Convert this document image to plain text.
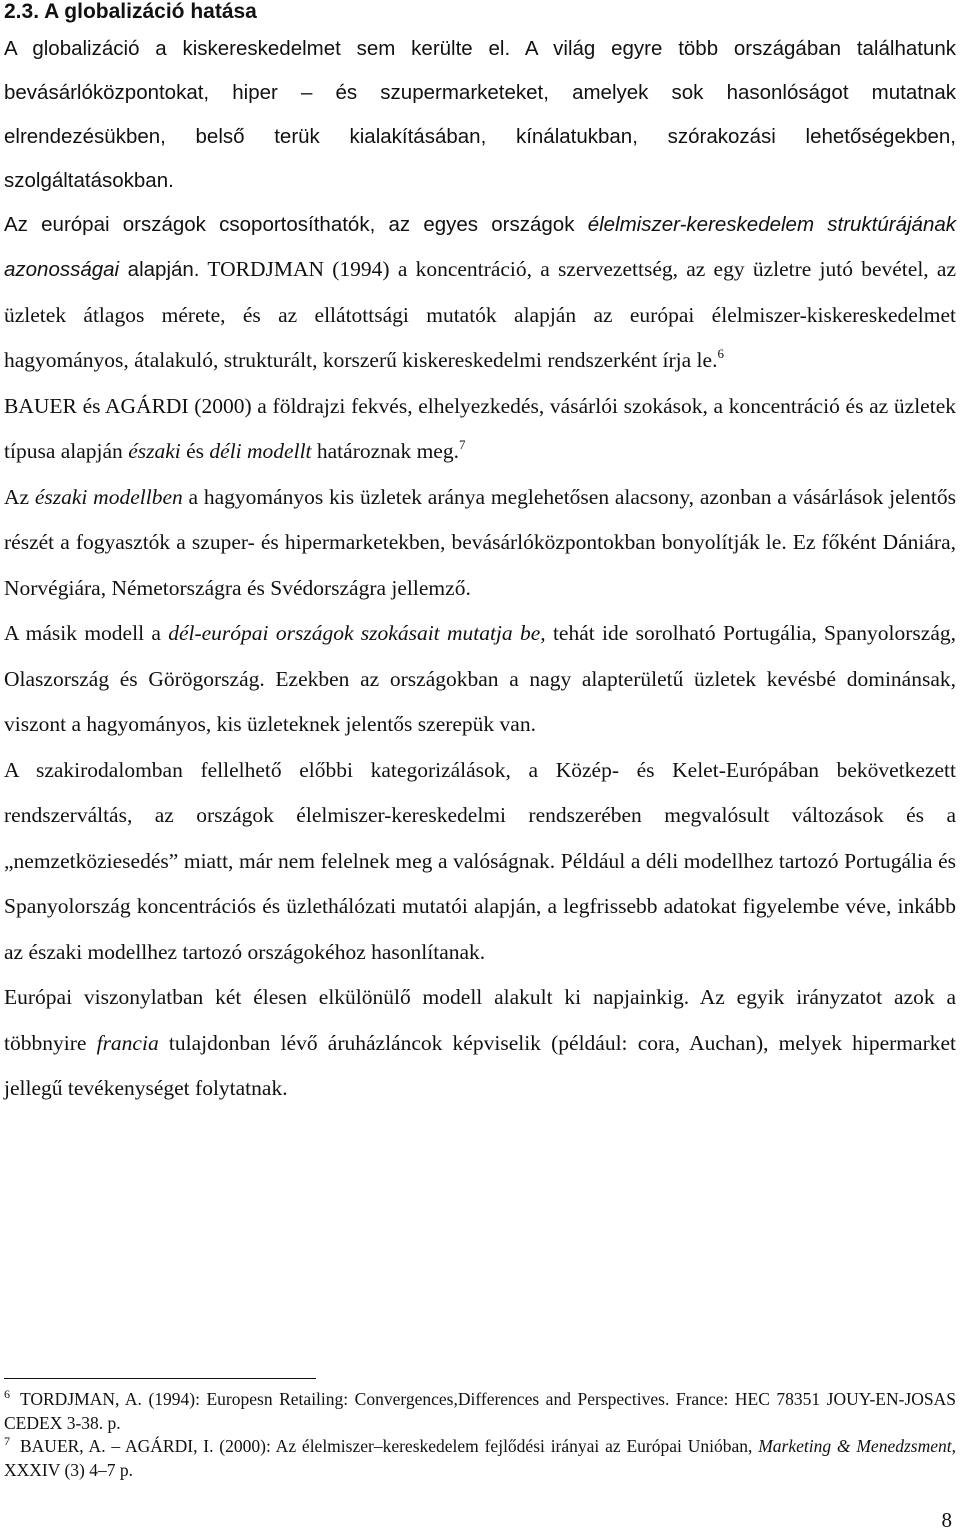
2.3. A globalizáció hatása

A globalizáció a kiskereskedelmet sem kerülte el. A világ egyre több országában találhatunk bevásárlóközpontokat, hiper – és szupermarketeket, amelyek sok hasonlóságot mutatnak elrendezésükben, belső terük kialakításában, kínálatukban, szórakozási lehetőségekben, szolgáltatásokban.

Az európai országok csoportosíthatók, az egyes országok élelmiszer-kereskedelem struktúrájának azonosságai alapján. TORDJMAN (1994) a koncentráció, a szervezettség, az egy üzletre jutó bevétel, az üzletek átlagos mérete, és az ellátottsági mutatók alapján az európai élelmiszer-kiskereskedelmet hagyományos, átalakuló, strukturált, korszerű kiskereskedelmi rendszerként írja le.$^6$

BAUER és AGÁRDI (2000) a földrajzi fekvés, elhelyezkedés, vásárlói szokások, a koncentráció és az üzletek típusa alapján északi és déli modellt határoznak meg.$^7$

Az északi modellben a hagyományos kis üzletek aránya meglehetősen alacsony, azonban a vásárlások jelentős részét a fogyasztók a szuper- és hipermarketekben, bevásárlóközpontokban bonyolítják le. Ez főként Dániára, Norvégiára, Németországra és Svédországra jellemző.

A másik modell a dél-európai országok szokásait mutatja be, tehát ide sorolható Portugália, Spanyolország, Olaszország és Görögország. Ezekben az országokban a nagy alapterületű üzletek kevésbé dominánsak, viszont a hagyományos, kis üzleteknek jelentős szerepük van.

A szakirodalomban fellelhető előbbi kategorizálások, a Közép- és Kelet-Európában bekövetkezett rendszerváltás, az országok élelmiszer-kereskedelmi rendszerében megvalósult változások és a „nemzetköziesedés” miatt, már nem felelnek meg a valóságnak. Például a déli modellhez tartozó Portugália és Spanyolország koncentrációs és üzlethálózati mutatói alapján, a legfrissebb adatokat figyelembe véve, inkább az északi modellhez tartozó országokéhoz hasonlítanak.

Európai viszonylatban két élesen elkülönülő modell alakult ki napjainkig. Az egyik irányzatot azok a többnyire francia tulajdonban lévő áruházláncok képviselik (például: cora, Auchan), melyek hipermarket jellegű tevékenységet folytatnak.

$^6$ TORDJMAN, A. (1994): Europesn Retailing: Convergences,Differences and Perspectives. France: HEC 78351 JOUY-EN-JOSAS CEDEX 3-38. p.

$^7$ BAUER, A. – AGÁRDI, I. (2000): Az élelmiszer–kereskedelem fejlődési irányai az Európai Unióban, Marketing & Menedzsment, XXXIV (3) 4–7 p.

8
